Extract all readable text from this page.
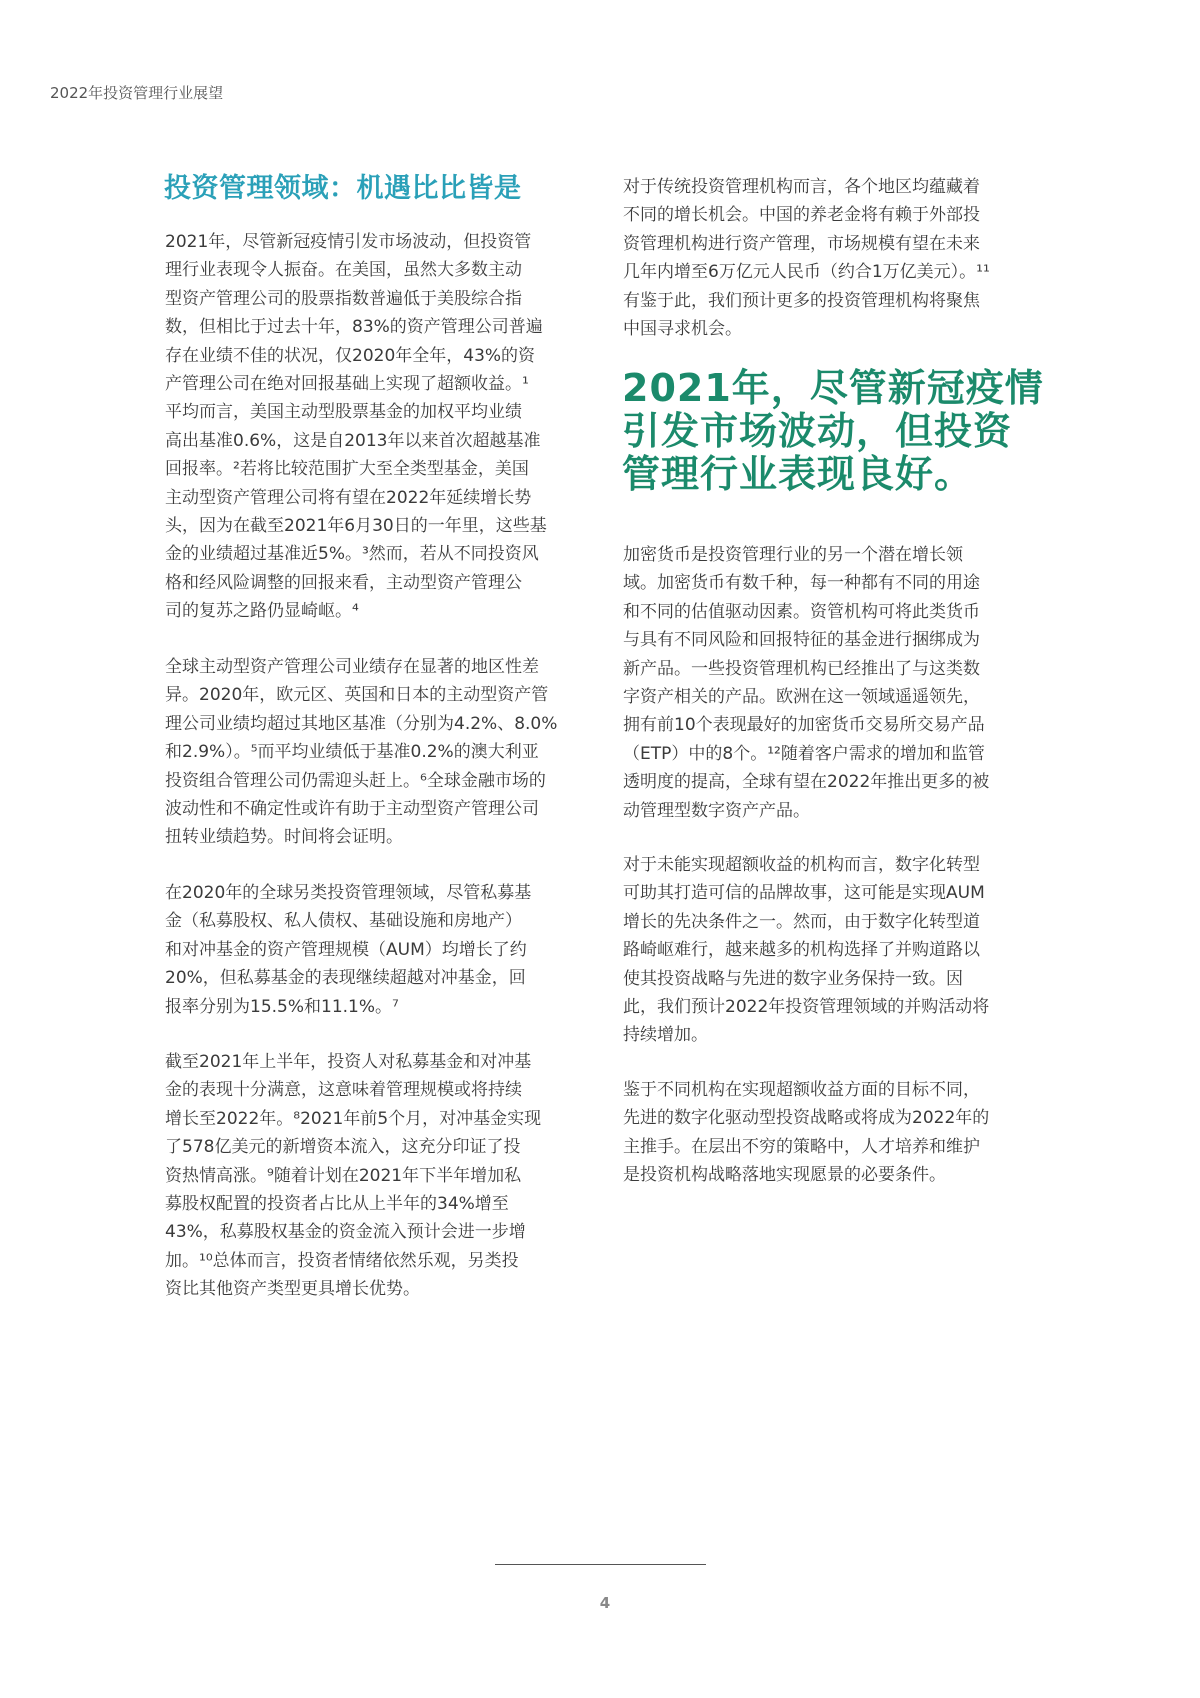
2022年投资管理行业展望
投资管理领域：机遇比比皆是
2021年，尽管新冠疫情引发市场波动，但投资管
理行业表现令人振奋。在美国，虽然大多数主动
型资产管理公司的股票指数普遍低于美股综合指
数，但相比于过去十年，83%的资产管理公司普遍
存在业绩不佳的状况，仅2020年全年，43%的资
产管理公司在绝对回报基础上实现了超额收益。¹
平均而言，美国主动型股票基金的加权平均业绩
高出基准0.6%，这是自2013年以来首次超越基准
回报率。²若将比较范围扩大至全类型基金，美国
主动型资产管理公司将有望在2022年延续增长势
头，因为在截至2021年6月30日的一年里，这些基
金的业绩超过基准近5%。³然而，若从不同投资风
格和经风险调整的回报来看，主动型资产管理公
司的复苏之路仍显崎岖。⁴
全球主动型资产管理公司业绩存在显著的地区性差
异。2020年，欧元区、英国和日本的主动型资产管
理公司业绩均超过其地区基准（分别为4.2%、8.0%
和2.9%）。⁵而平均业绩低于基准0.2%的澳大利亚
投资组合管理公司仍需迎头赶上。⁶全球金融市场的
波动性和不确定性或许有助于主动型资产管理公司
扭转业绩趋势。时间将会证明。
在2020年的全球另类投资管理领域，尽管私募基
金（私募股权、私人债权、基础设施和房地产）
和对冲基金的资产管理规模（AUM）均增长了约
20%，但私募基金的表现继续超越对冲基金，回
报率分别为15.5%和11.1%。⁷
截至2021年上半年，投资人对私募基金和对冲基
金的表现十分满意，这意味着管理规模或将持续
增长至2022年。⁸2021年前5个月，对冲基金实现
了578亿美元的新增资本流入，这充分印证了投
资热情高涨。⁹随着计划在2021年下半年增加私
募股权配置的投资者占比从上半年的34%增至
43%，私募股权基金的资金流入预计会进一步增
加。¹⁰总体而言，投资者情绪依然乐观，另类投
资比其他资产类型更具增长优势。
对于传统投资管理机构而言，各个地区均蕴藏着
不同的增长机会。中国的养老金将有赖于外部投
资管理机构进行资产管理，市场规模有望在未来
几年内增至6万亿元人民币（约合1万亿美元）。¹¹
有鉴于此，我们预计更多的投资管理机构将聚焦
中国寻求机会。
2021年，尽管新冠疫情
引发市场波动，但投资
管理行业表现良好。
加密货币是投资管理行业的另一个潜在增长领
域。加密货币有数千种，每一种都有不同的用途
和不同的估值驱动因素。资管机构可将此类货币
与具有不同风险和回报特征的基金进行捆绑成为
新产品。一些投资管理机构已经推出了与这类数
字资产相关的产品。欧洲在这一领域遥遥领先，
拥有前10个表现最好的加密货币交易所交易产品
（ETP）中的8个。¹²随着客户需求的增加和监管
透明度的提高，全球有望在2022年推出更多的被
动管理型数字资产产品。
对于未能实现超额收益的机构而言，数字化转型
可助其打造可信的品牌故事，这可能是实现AUM
增长的先决条件之一。然而，由于数字化转型道
路崎岖难行，越来越多的机构选择了并购道路以
使其投资战略与先进的数字业务保持一致。因
此，我们预计2022年投资管理领域的并购活动将
持续增加。
鉴于不同机构在实现超额收益方面的目标不同，
先进的数字化驱动型投资战略或将成为2022年的
主推手。在层出不穷的策略中，人才培养和维护
是投资机构战略落地实现愿景的必要条件。
4
